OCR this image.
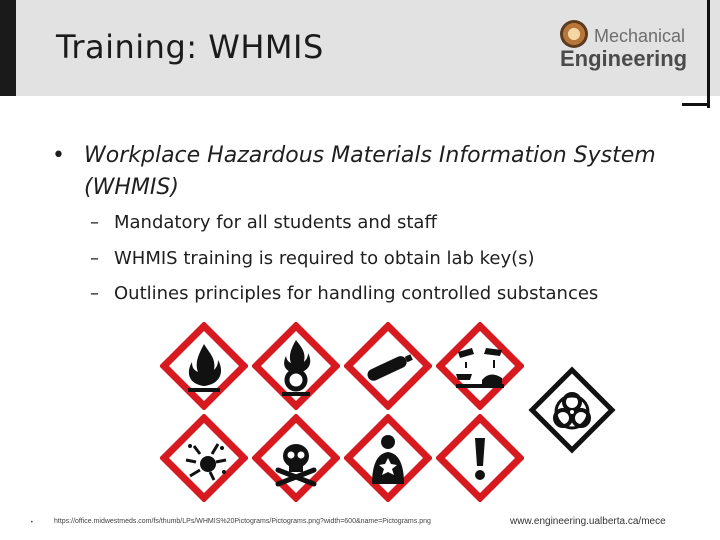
Training: WHMIS	Mechanical
Engineering
• Workplace Hazardous Materials Information System (WHMIS)
– Mandatory for all students and staff
– WHMIS training is required to obtain lab key(s)
– Outlines principles for handling controlled substances
•	https://office.midwestmeds.com/fs/thumb/LPs/WHMIS%20Pictograms/Pictograms.png?width=600&name=Pictograms.png	www.engineering.ualberta.ca/mece
